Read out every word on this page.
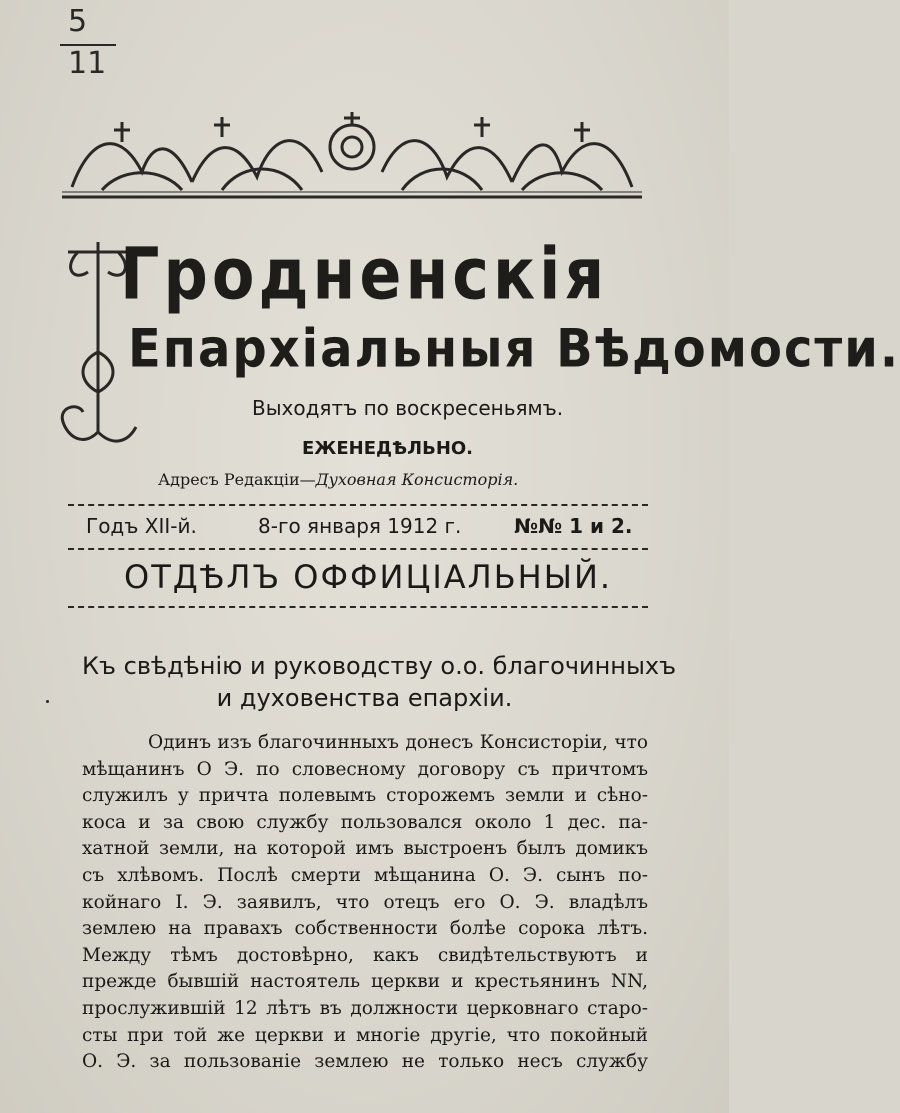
5
11
Гродненскія
Епархіальныя Вѣдомости.
Выходятъ по воскресеньямъ.
ЕЖЕНЕДѢЛЬНО.
Адресъ Редакціи—Духовная Консисторія.
Годъ XII-й.	8-го января 1912 г.	№№ 1 и 2.
ОТДѢЛЪ ОФФИЦІАЛЬНЫЙ.
Къ свѣдѣнію и руководству о.о. благочинныхъ
и духовенства епархіи.
Одинъ изъ благочинныхъ донесъ Консисторіи, что
мѣщанинъ О Э. по словесному договору съ причтомъ
служилъ у причта полевымъ сторожемъ земли и сѣно-
коса и за свою службу пользовался около 1 дес. па-
хатной земли, на которой имъ выстроенъ былъ домикъ
съ хлѣвомъ. Послѣ смерти мѣщанина О. Э. сынъ по-
койнаго I. Э. заявилъ, что отецъ его О. Э. владѣлъ
землею на правахъ собственности болѣе сорока лѣтъ.
Между тѣмъ достовѣрно, какъ свидѣтельствуютъ и
прежде бывшій настоятель церкви и крестьянинъ NN,
прослужившій 12 лѣтъ въ должности церковнаго старо-
сты при той же церкви и многіе другіе, что покойный
О. Э. за пользованіе землею не только несъ службу
